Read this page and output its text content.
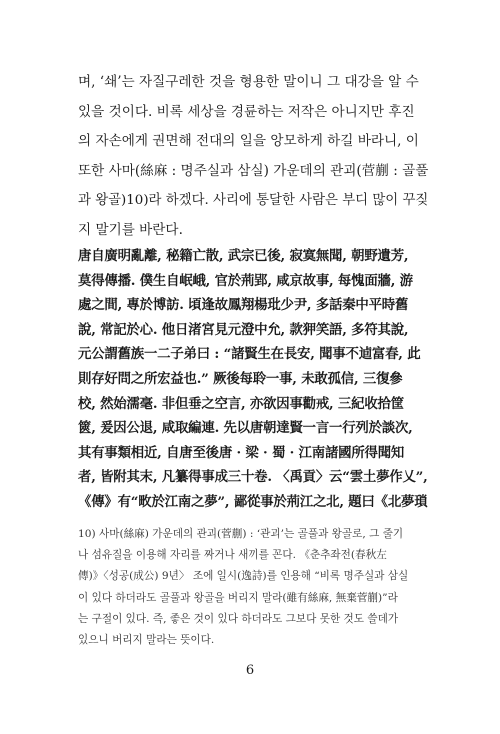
며, ‘쇄’는 자질구레한 것을 형용한 말이니 그 대강을 알 수

있을 것이다. 비록 세상을 경륜하는 저작은 아니지만 후진

의 자손에게 권면해 전대의 일을 앙모하게 하길 바라니, 이

또한 사마(絲麻 : 명주실과 삼실) 가운데의 관괴(菅蒯 : 골풀

과 왕골)10)라 하겠다. 사리에 통달한 사람은 부디 많이 꾸짖

지 말기를 바란다.

唐自廣明亂離, 秘籍亡散, 武宗已後, 寂寞無聞, 朝野遺芳,

莫得傳播. 僕生自岷峨, 官於荊郢, 咸京故事, 每愧面牆, 游

處之間, 專於博訪. 頃逢故鳳翔楊玭少尹, 多話秦中平時舊

說, 常記於心. 他日渚宮見元澄中允, 款狎笑語, 多符其說,

元公謂舊族一二子弟曰 : “諸賢生在長安, 聞事不逌富春, 此

則存好問之所宏益也.” 厥後每聆一事, 未敢孤信, 三復參

校, 然始濡毫. 非但垂之空言, 亦欲因事勸戒, 三紀收拾筐

篋, 爰因公退, 咸取編連. 先以唐朝達賢一言一行列於談次,

其有事類相近, 自唐至後唐 · 梁 · 蜀 · 江南諸國所得聞知

者, 皆附其末, 凡纂得事成三十卷. 〈禹貢〉云“雲土夢作乂”,

《傳》有“畋於江南之夢”, 鄙從事於荊江之北, 題曰《北夢瑣

10) 사마(絲麻) 가운데의 관괴(菅蒯) : ‘관괴’는 골풀과 왕골로, 그 줄기

나 섬유질을 이용해 자리를 짜거나 새끼를 꼰다. 《춘추좌전(春秋左

傳)》〈성공(成公) 9년〉 조에 일시(逸詩)를 인용해 “비록 명주실과 삼실

이 있다 하더라도 골풀과 왕골을 버리지 말라(雖有絲麻, 無棄菅蒯)”라

는 구절이 있다. 즉, 좋은 것이 있다 하더라도 그보다 못한 것도 쓸데가

있으니 버리지 말라는 뜻이다.

6
